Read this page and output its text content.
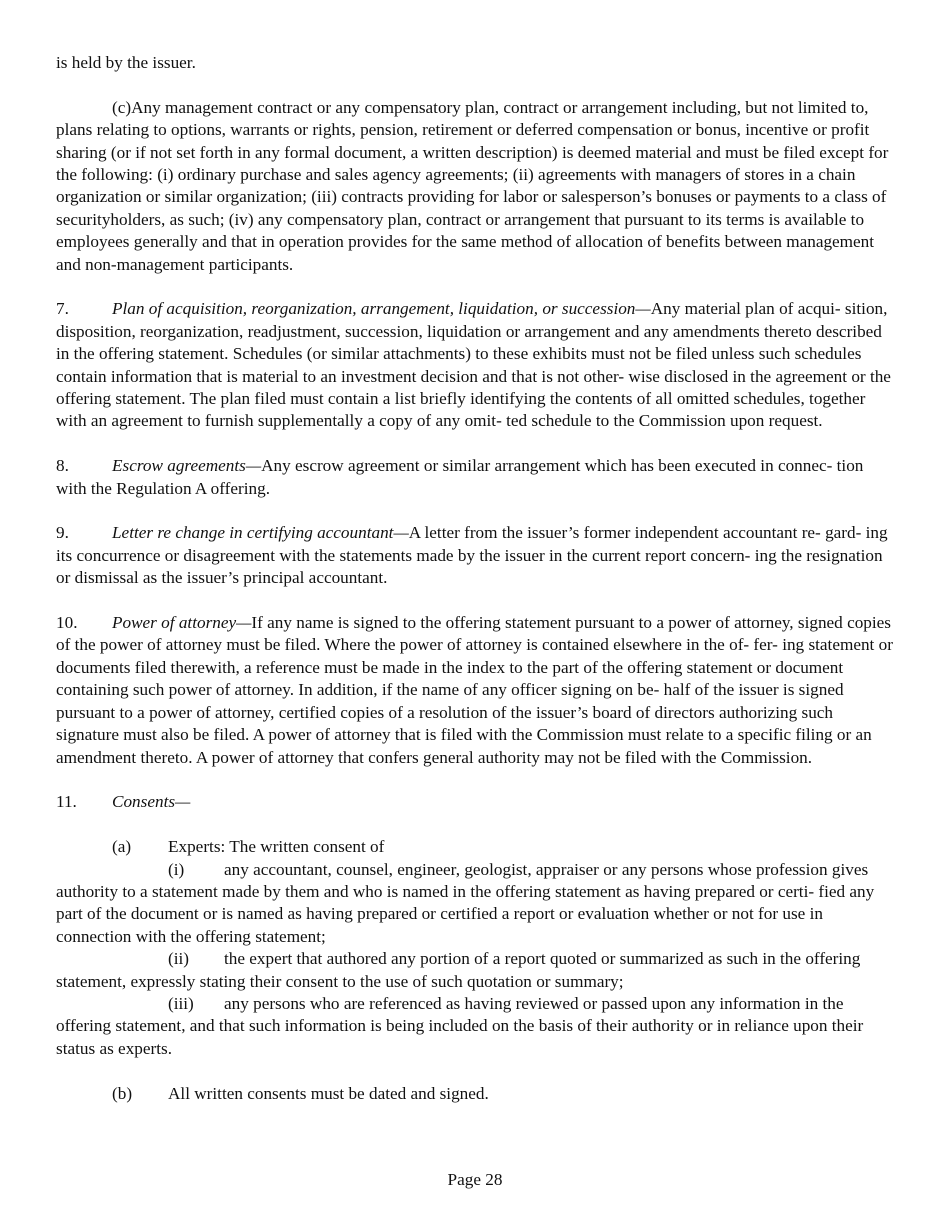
is held by the issuer.

(c)Any management contract or any compensatory plan, contract or arrangement including, but not limited to, plans relating to options, warrants or rights, pension, retirement or deferred compensation or bonus, incentive or profit sharing (or if not set forth in any formal document, a written description) is deemed material and must be filed except for the following: (i) ordinary purchase and sales agency agreements; (ii) agreements with managers of stores in a chain organization or similar organization; (iii) contracts providing for labor or salesperson’s bonuses or payments to a class of securityholders, as such; (iv) any compensatory plan, contract or arrangement that pursuant to its terms is available to employees generally and that in operation provides for the same method of allocation of benefits between management and non-management participants.

7.	Plan of acquisition, reorganization, arrangement, liquidation, or succession—Any material plan of acqui- sition, disposition, reorganization, readjustment, succession, liquidation or arrangement and any amendments thereto described in the offering statement. Schedules (or similar attachments) to these exhibits must not be filed unless such schedules contain information that is material to an investment decision and that is not other- wise disclosed in the agreement or the offering statement. The plan filed must contain a list briefly identifying the contents of all omitted schedules, together with an agreement to furnish supplementally a copy of any omit- ted schedule to the Commission upon request.

8.	Escrow agreements—Any escrow agreement or similar arrangement which has been executed in connec- tion with the Regulation A offering.

9.	Letter re change in certifying accountant—A letter from the issuer’s former independent accountant re- gard- ing its concurrence or disagreement with the statements made by the issuer in the current report concern- ing the resignation or dismissal as the issuer’s principal accountant.

10. Power of attorney—If any name is signed to the offering statement pursuant to a power of attorney, signed copies of the power of attorney must be filed. Where the power of attorney is contained elsewhere in the of- fer- ing statement or documents filed therewith, a reference must be made in the index to the part of the offering statement or document containing such power of attorney. In addition, if the name of any officer signing on be- half of the issuer is signed pursuant to a power of attorney, certified copies of a resolution of the issuer’s board of directors authorizing such signature must also be filed. A power of attorney that is filed with the Commission must relate to a specific filing or an amendment thereto. A power of attorney that confers general authority may not be filed with the Commission.

11. Consents—

(a) Experts: The written consent of

(i) any accountant, counsel, engineer, geologist, appraiser or any persons whose profession gives authority to a statement made by them and who is named in the offering statement as having prepared or certi- fied any part of the document or is named as having prepared or certified a report or evaluation whether or not for use in connection with the offering statement;

(ii) the expert that authored any portion of a report quoted or summarized as such in the offering statement, expressly stating their consent to the use of such quotation or summary;

(iii) any persons who are referenced as having reviewed or passed upon any information in the offering statement, and that such information is being included on the basis of their authority or in reliance upon their status as experts.

(b) All written consents must be dated and signed.

Page 28
